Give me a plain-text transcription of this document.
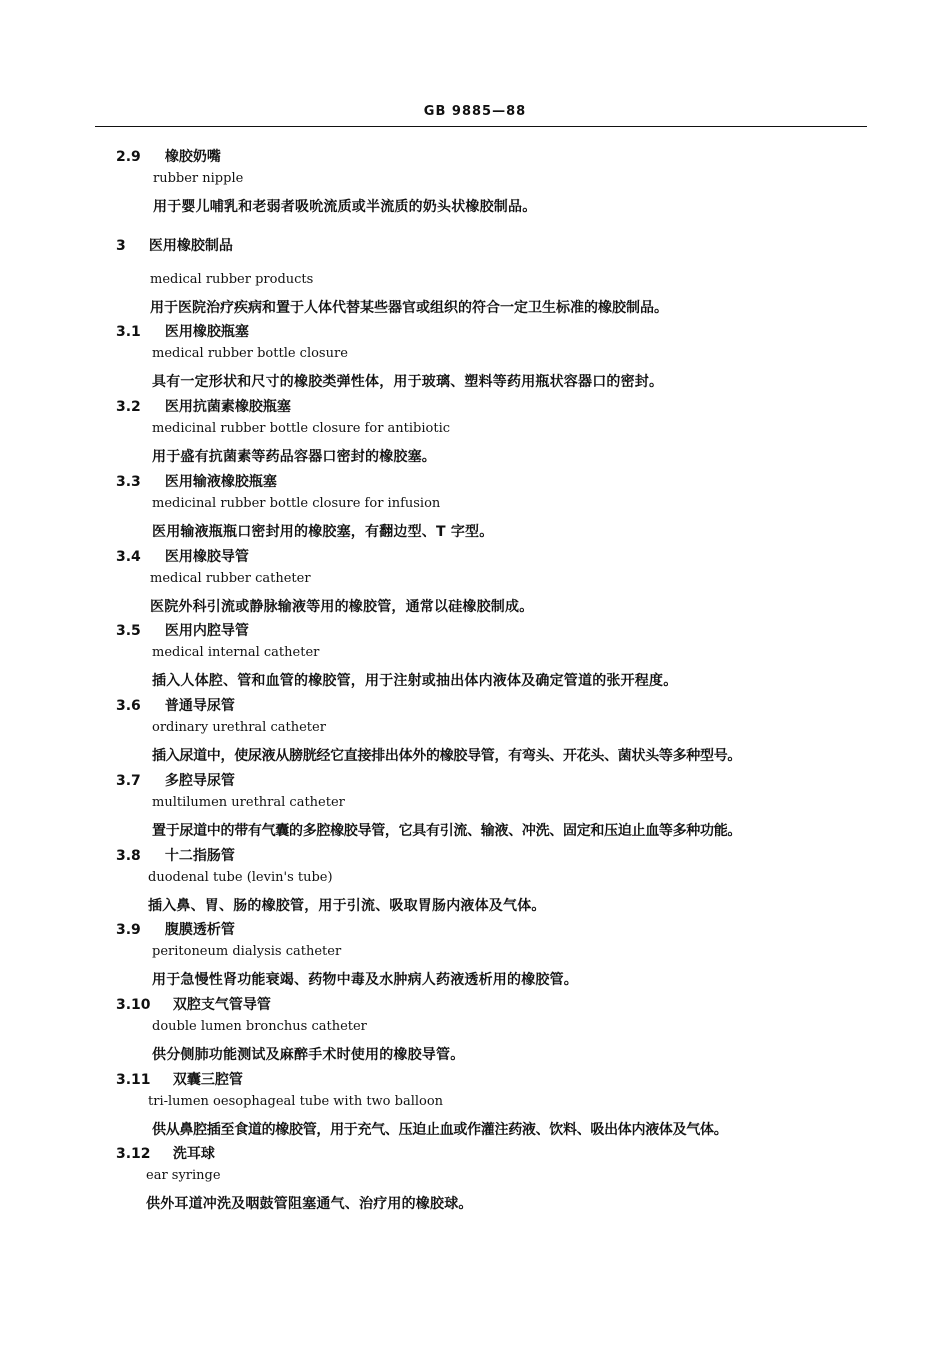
GB 9885—88
2.9 橡胶奶嘴
rubber nipple
用于婴儿哺乳和老弱者吸吮流质或半流质的奶头状橡胶制品。
3 医用橡胶制品
medical rubber products
用于医院治疗疾病和置于人体代替某些器官或组织的符合一定卫生标准的橡胶制品。
3.1 医用橡胶瓶塞
medical rubber bottle closure
具有一定形状和尺寸的橡胶类弹性体，用于玻璃、塑料等药用瓶状容器口的密封。
3.2 医用抗菌素橡胶瓶塞
medicinal rubber bottle closure for antibiotic
用于盛有抗菌素等药品容器口密封的橡胶塞。
3.3 医用输液橡胶瓶塞
medicinal rubber bottle closure for infusion
医用输液瓶瓶口密封用的橡胶塞，有翻边型、T 字型。
3.4 医用橡胶导管
medical rubber catheter
医院外科引流或静脉输液等用的橡胶管，通常以硅橡胶制成。
3.5 医用内腔导管
medical internal catheter
插入人体腔、管和血管的橡胶管，用于注射或抽出体内液体及确定管道的张开程度。
3.6 普通导尿管
ordinary urethral catheter
插入尿道中，使尿液从膀胱经它直接排出体外的橡胶导管，有弯头、开花头、菌状头等多种型号。
3.7 多腔导尿管
multilumen urethral catheter
置于尿道中的带有气囊的多腔橡胶导管，它具有引流、输液、冲洗、固定和压迫止血等多种功能。
3.8 十二指肠管
duodenal tube (levin's tube)
插入鼻、胃、肠的橡胶管，用于引流、吸取胃肠内液体及气体。
3.9 腹膜透析管
peritoneum dialysis catheter
用于急慢性肾功能衰竭、药物中毒及水肿病人药液透析用的橡胶管。
3.10 双腔支气管导管
double lumen bronchus catheter
供分侧肺功能测试及麻醉手术时使用的橡胶导管。
3.11 双囊三腔管
tri-lumen oesophageal tube with two balloon
供从鼻腔插至食道的橡胶管，用于充气、压迫止血或作灌注药液、饮料、吸出体内液体及气体。
3.12 洗耳球
ear syringe
供外耳道冲洗及咽鼓管阻塞通气、治疗用的橡胶球。
